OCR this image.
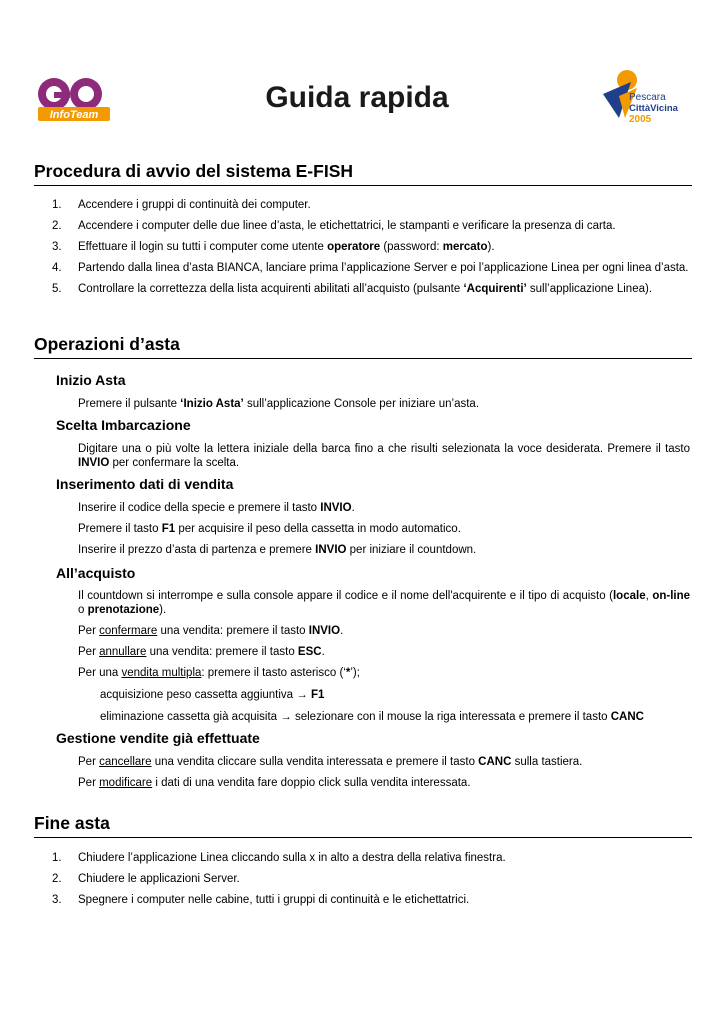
InfoTeam
Guida rapida	Pescara
CittàVicina
2005
Procedura di avvio del sistema E-FISH
1.	Accendere i gruppi di continuità dei computer.
2.	Accendere i computer delle due linee d’asta, le etichettatrici, le stampanti e verificare la presenza di carta.
3.	Effettuare il login su tutti i computer come utente operatore (password: mercato).
4.	Partendo dalla linea d’asta BIANCA, lanciare prima l’applicazione Server e poi l’applicazione Linea per ogni linea d’asta.
5.	Controllare la correttezza della lista acquirenti abilitati all’acquisto (pulsante ‘Acquirenti’ sull’applicazione Linea).
Operazioni d’asta
Inizio Asta
Premere il pulsante ‘Inizio Asta’ sull’applicazione Console per iniziare un’asta.
Scelta Imbarcazione
Digitare una o più volte la lettera iniziale della barca fino a che risulti selezionata la voce desiderata. Premere il tasto INVIO per confermare la scelta.
Inserimento dati di vendita
Inserire il codice della specie e premere il tasto INVIO.
Premere il tasto F1 per acquisire il peso della cassetta in modo automatico.
Inserire il prezzo d’asta di partenza e premere INVIO per iniziare il countdown.
All’acquisto
Il countdown si interrompe e sulla console appare il codice e il nome dell'acquirente e il tipo di acquisto (locale, on-line o prenotazione).
Per confermare una vendita: premere il tasto INVIO.
Per annullare una vendita: premere il tasto ESC.
Per una vendita multipla: premere il tasto asterisco (‘*’);
acquisizione peso cassetta aggiuntiva → F1
eliminazione cassetta già acquisita → selezionare con il mouse la riga interessata e premere il tasto CANC
Gestione vendite già effettuate
Per cancellare una vendita cliccare sulla vendita interessata e premere il tasto CANC sulla tastiera.
Per modificare i dati di una vendita fare doppio click sulla vendita interessata.
Fine asta
1.	Chiudere l’applicazione Linea cliccando sulla x in alto a destra della relativa finestra.
2.	Chiudere le applicazioni Server.
3.	Spegnere i computer nelle cabine, tutti i gruppi di continuità e le etichettatrici.
